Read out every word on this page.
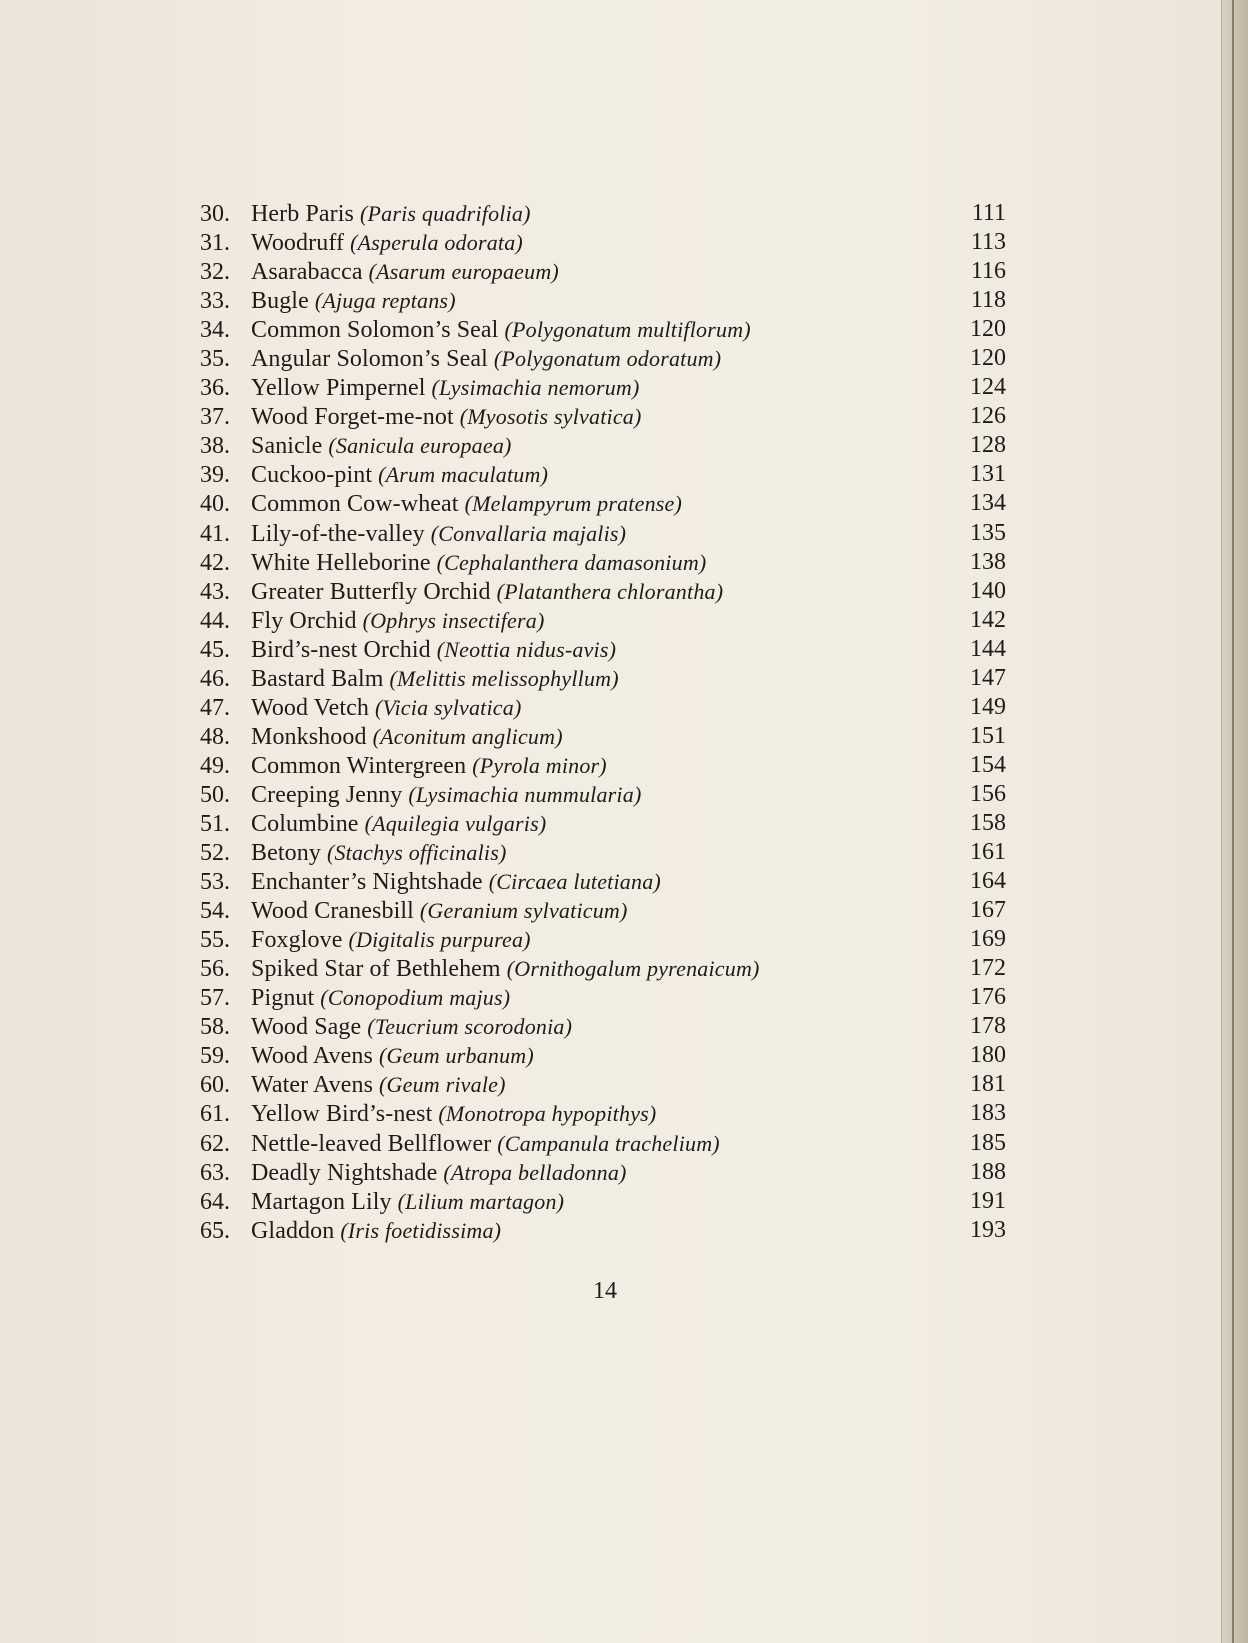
30. Herb Paris (Paris quadrifolia)	111
31. Woodruff (Asperula odorata)	113
32. Asarabacca (Asarum europaeum)	116
33. Bugle (Ajuga reptans)	118
34. Common Solomon’s Seal (Polygonatum multiflorum)	120
35. Angular Solomon’s Seal (Polygonatum odoratum)	120
36. Yellow Pimpernel (Lysimachia nemorum)	124
37. Wood Forget-me-not (Myosotis sylvatica)	126
38. Sanicle (Sanicula europaea)	128
39. Cuckoo-pint (Arum maculatum)	131
40. Common Cow-wheat (Melampyrum pratense)	134
41. Lily-of-the-valley (Convallaria majalis)	135
42. White Helleborine (Cephalanthera damasonium)	138
43. Greater Butterfly Orchid (Platanthera chlorantha)	140
44. Fly Orchid (Ophrys insectifera)	142
45. Bird’s-nest Orchid (Neottia nidus-avis)	144
46. Bastard Balm (Melittis melissophyllum)	147
47. Wood Vetch (Vicia sylvatica)	149
48. Monkshood (Aconitum anglicum)	151
49. Common Wintergreen (Pyrola minor)	154
50. Creeping Jenny (Lysimachia nummularia)	156
51. Columbine (Aquilegia vulgaris)	158
52. Betony (Stachys officinalis)	161
53. Enchanter’s Nightshade (Circaea lutetiana)	164
54. Wood Cranesbill (Geranium sylvaticum)	167
55. Foxglove (Digitalis purpurea)	169
56. Spiked Star of Bethlehem (Ornithogalum pyrenaicum)	172
57. Pignut (Conopodium majus)	176
58. Wood Sage (Teucrium scorodonia)	178
59. Wood Avens (Geum urbanum)	180
60. Water Avens (Geum rivale)	181
61. Yellow Bird’s-nest (Monotropa hypopithys)	183
62. Nettle-leaved Bellflower (Campanula trachelium)	185
63. Deadly Nightshade (Atropa belladonna)	188
64. Martagon Lily (Lilium martagon)	191
65. Gladdon (Iris foetidissima)	193
14
